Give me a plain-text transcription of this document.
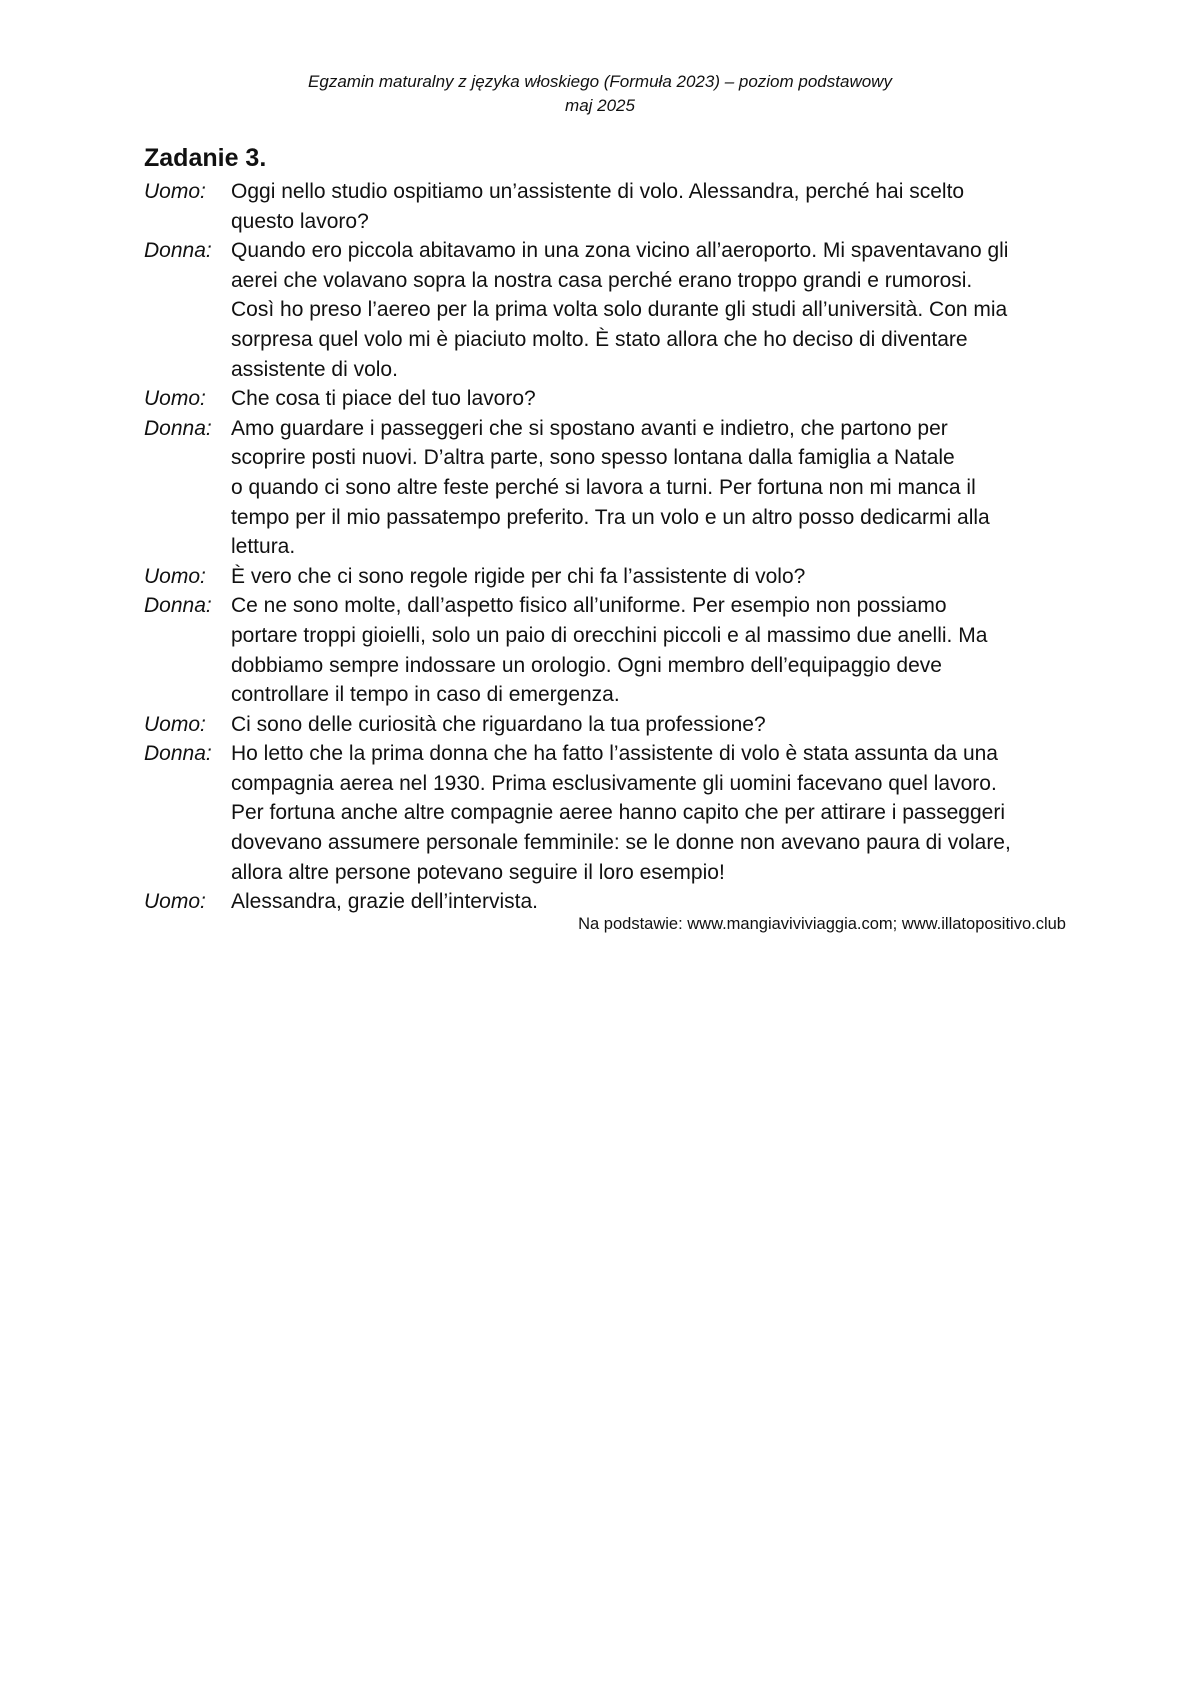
Egzamin maturalny z języka włoskiego (Formuła 2023) – poziom podstawowy
maj 2025
Zadanie 3.
Uomo:	Oggi nello studio ospitiamo un’assistente di volo. Alessandra, perché hai scelto
questo lavoro?
Donna: Quando ero piccola abitavamo in una zona vicino all’aeroporto. Mi spaventavano gli
aerei che volavano sopra la nostra casa perché erano troppo grandi e rumorosi.
Così ho preso l’aereo per la prima volta solo durante gli studi all’università. Con mia
sorpresa quel volo mi è piaciuto molto. È stato allora che ho deciso di diventare
assistente di volo.
Uomo:	Che cosa ti piace del tuo lavoro?
Donna: Amo guardare i passeggeri che si spostano avanti e indietro, che partono per
scoprire posti nuovi. D’altra parte, sono spesso lontana dalla famiglia a Natale
o quando ci sono altre feste perché si lavora a turni. Per fortuna non mi manca il
tempo per il mio passatempo preferito. Tra un volo e un altro posso dedicarmi alla
lettura.
Uomo:	È vero che ci sono regole rigide per chi fa l’assistente di volo?
Donna: Ce ne sono molte, dall’aspetto fisico all’uniforme. Per esempio non possiamo
portare troppi gioielli, solo un paio di orecchini piccoli e al massimo due anelli. Ma
dobbiamo sempre indossare un orologio. Ogni membro dell’equipaggio deve
controllare il tempo in caso di emergenza.
Uomo:	Ci sono delle curiosità che riguardano la tua professione?
Donna: Ho letto che la prima donna che ha fatto l’assistente di volo è stata assunta da una
compagnia aerea nel 1930. Prima esclusivamente gli uomini facevano quel lavoro.
Per fortuna anche altre compagnie aeree hanno capito che per attirare i passeggeri
dovevano assumere personale femminile: se le donne non avevano paura di volare,
allora altre persone potevano seguire il loro esempio!
Uomo:	Alessandra, grazie dell’intervista.
Na podstawie: www.mangiaviviviaggia.com; www.illatopositivo.club
